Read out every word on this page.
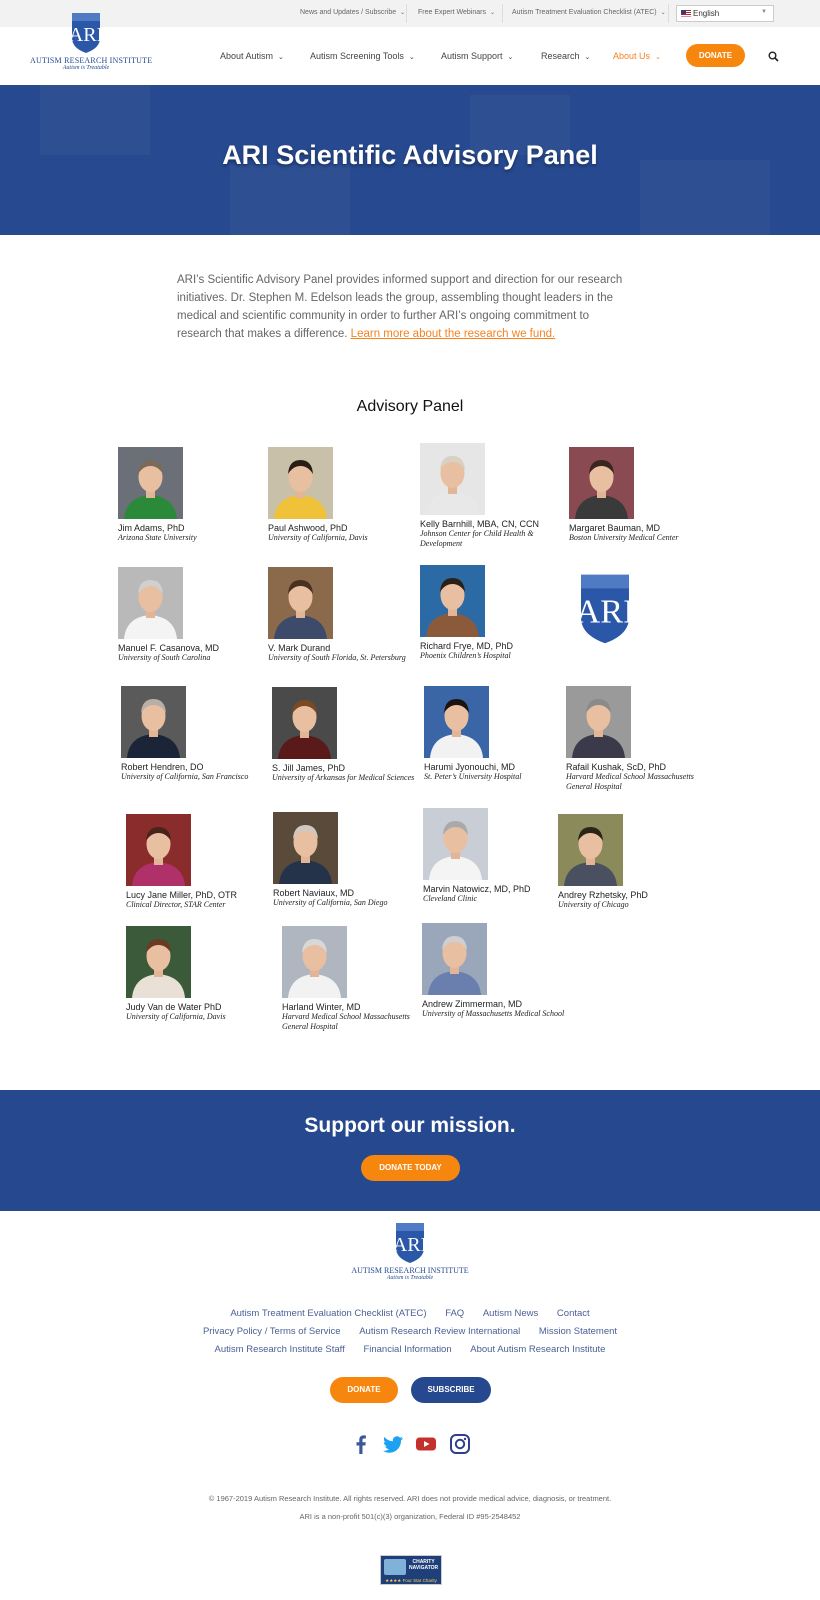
News and Updates / Subscribe ⌄ Free Expert Webinars ⌄ Autism Treatment Evaluation Checklist (ATEC) ⌄	English	▼
ARI
AUTISM RESEARCH INSTITUTE
Autism is Treatable
About Autism ⌄	Autism Screening Tools ⌄	Autism Support ⌄	Research ⌄	About Us ⌄	DONATE
ARI Scientific Advisory Panel

ARI’s Scientific Advisory Panel provides informed support and direction for our research initiatives. Dr. Stephen M. Edelson leads the group, assembling thought leaders in the medical and scientific community in order to further ARI’s ongoing commitment to research that makes a difference. Learn more about the research we fund.

Advisory Panel
Jim Adams, PhD
Arizona State University
Paul Ashwood, PhD
University of California, Davis
Kelly Barnhill, MBA, CN, CCN
Johnson Center for Child Health & Development
Margaret Bauman, MD
Boston University Medical Center
Manuel F. Casanova, MD
University of South Carolina
V. Mark Durand
University of South Florida, St. Petersburg
Richard Frye, MD, PhD
Phoenix Children’s Hospital
ARI
Robert Hendren, DO
University of California, San Francisco
S. Jill James, PhD
University of Arkansas for Medical Sciences
Harumi Jyonouchi, MD
St. Peter’s University Hospital
Rafail Kushak, ScD, PhD
Harvard Medical School Massachusetts General Hospital
Lucy Jane Miller, PhD, OTR
Clinical Director, STAR Center
Robert Naviaux, MD
University of California, San Diego
Marvin Natowicz, MD, PhD
Cleveland Clinic	Andrey Rzhetsky, PhD
University of Chicago
Judy Van de Water PhD
University of California, Davis
Harland Winter, MD
Harvard Medical School Massachusetts General Hospital
Andrew Zimmerman, MD
University of Massachusetts Medical School
Support our mission.
DONATE TODAY
ARI
AUTISM RESEARCH INSTITUTE
Autism is Treatable
Autism Treatment Evaluation Checklist (ATEC) FAQ Autism News Contact
Privacy Policy / Terms of Service Autism Research Review International Mission Statement
Autism Research Institute Staff Financial Information About Autism Research Institute
DONATE	SUBSCRIBE
© 1967-2019 Autism Research Institute. All rights reserved. ARI does not provide medical advice, diagnosis, or treatment.
ARI is a non-profit 501(c)(3) organization, Federal ID #95-2548452
CHARITY
NAVIGATOR
★★★★ Four Star Charity
